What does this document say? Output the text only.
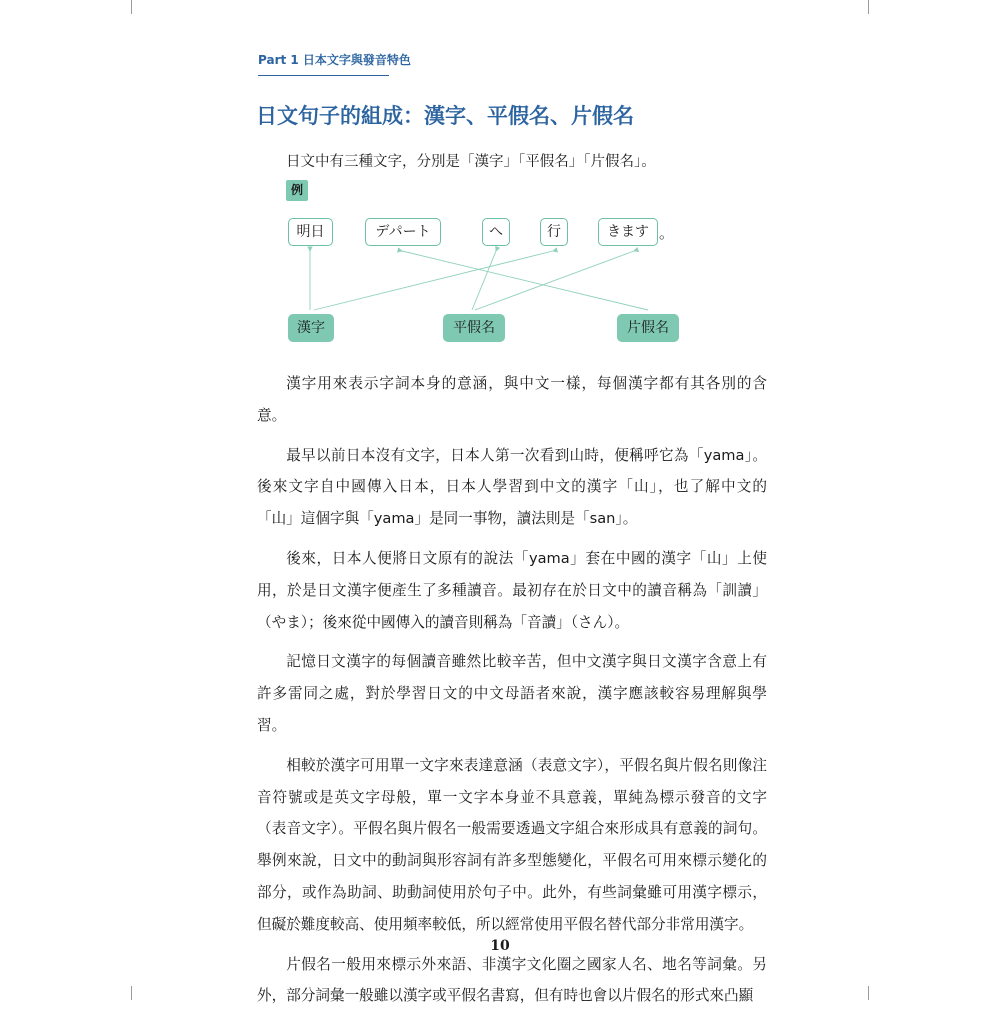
Part 1 日本文字與發音特色
日文句子的組成：漢字、平假名、片假名
日文中有三種文字，分別是「漢字」「平假名」「片假名」。
例
明日	デパート	へ	行	きます 。
漢字	平假名	片假名

漢字用來表示字詞本身的意涵，與中文一樣，每個漢字都有其各別的含意。

最早以前日本沒有文字，日本人第一次看到山時，便稱呼它為「yama」。後來文字自中國傳入日本，日本人學習到中文的漢字「山」，也了解中文的「山」這個字與「yama」是同一事物，讀法則是「san」。

後來，日本人便將日文原有的說法「yama」套在中國的漢字「山」上使用，於是日文漢字便產生了多種讀音。最初存在於日文中的讀音稱為「訓讀」（やま）；後來從中國傳入的讀音則稱為「音讀」（さん）。

記憶日文漢字的每個讀音雖然比較辛苦，但中文漢字與日文漢字含意上有許多雷同之處，對於學習日文的中文母語者來說，漢字應該較容易理解與學習。

相較於漢字可用單一文字來表達意涵（表意文字），平假名與片假名則像注音符號或是英文字母般，單一文字本身並不具意義，單純為標示發音的文字（表音文字）。平假名與片假名一般需要透過文字組合來形成具有意義的詞句。舉例來說，日文中的動詞與形容詞有許多型態變化，平假名可用來標示變化的部分，或作為助詞、助動詞使用於句子中。此外，有些詞彙雖可用漢字標示，但礙於難度較高、使用頻率較低，所以經常使用平假名替代部分非常用漢字。

片假名一般用來標示外來語、非漢字文化圈之國家人名、地名等詞彙。另外，部分詞彙一般雖以漢字或平假名書寫，但有時也會以片假名的形式來凸顯

10
